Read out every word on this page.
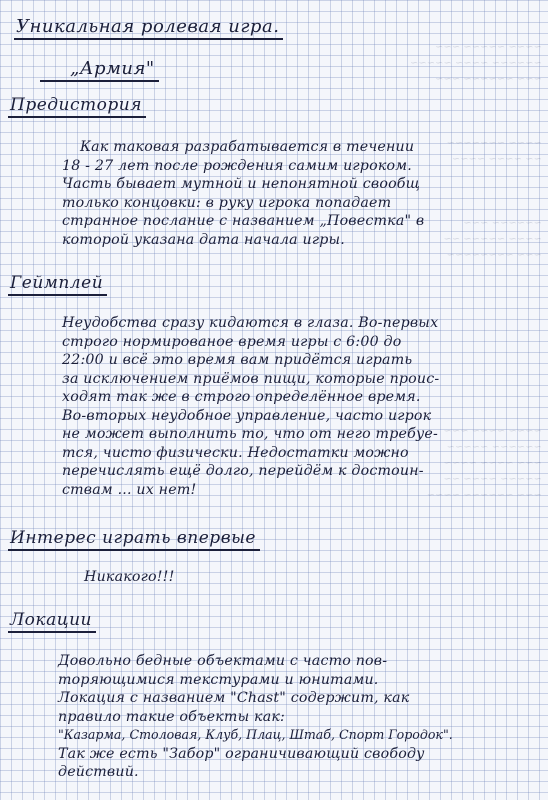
~~~~ ~~~~~ ~~~
~~~~~~ ~~~~ ~~~~~
~~~ ~~~~~~ ~~~

~~~~ ~~~~~~~
~~ ~~~~ ~~~~

~~~~~~ ~~~
~~~~ ~~~~~ ~~
~~~ ~~~~~~~~

~~~~ ~~~~ ~~~
~~~~~~ ~~~~~
~~~ ~~~~ ~~~~
~~~~~ ~~~~ ~~
~~~ ~~~~~~ ~~~~
Уникальная ролевая игра.
„Армия"
Предистория
Как таковая разрабатывается в течении
18 - 27 лет после рождения самим игроком.
Часть бывает мутной и непонятной свообщ
только концовки: в руку игрока попадает
странное послание с названием „Повестка" в
которой указана дата начала игры.
Геймплей
Неудобства сразу кидаются в глаза. Во-первых
строго нормированое время игры с 6:00 до
22:00 и всё это время вам придётся играть
за исключением приёмов пищи, которые проис-
ходят так же в строго определённое время.
Во-вторых неудобное управление, часто игрок
не может выполнить то, что от него требуе-
тся, чисто физически. Недостатки можно
перечислять ещё долго, перейдём к достоин-
ствам ... их нет!
Интерес играть впервые
Никакого!!!
Локации
Довольно бедные объектами с часто пов-
торяющимися текстурами и юнитами.
Локация с названием "Chast" содержит, как
правило такие объекты как:
"Казарма, Столовая, Клуб, Плац, Штаб, Спорт Городок".
Так же есть "Забор" ограничивающий свободу
действий.
